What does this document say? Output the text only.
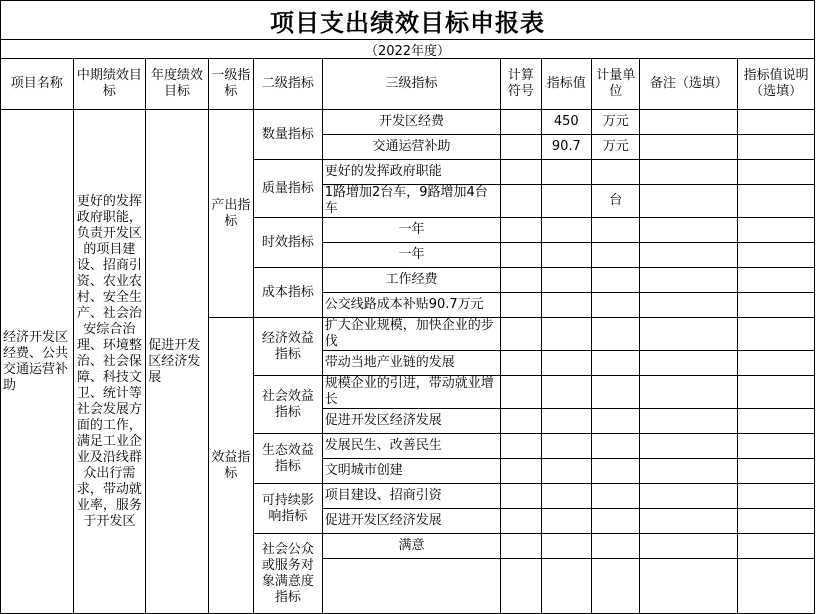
项目支出绩效目标申报表
（2022年度）
项目名称	中期绩效目标	年度绩效目标	一级指标	二级指标	三级指标	计算符号	指标值	计量单位	备注（选填）	指标值说明（选填）
经济开发区经费、公共交通运营补助	更好的发挥政府职能，负责开发区的项目建设、招商引资、农业农村、安全生产、社会治安综合治理、环境整治、社会保障、科技文卫、统计等社会发展方面的工作，满足工业企业及沿线群众出行需求，带动就业率，服务于开发区	促进开发区经济发展	产出指标	数量指标	开发区经费		450	万元		
					交通运营补助		90.7	万元		
				质量指标	更好的发挥政府职能					
					1路增加2台车，9路增加4台车			台		
				时效指标	一年					
					一年					
				成本指标	工作经费					
					公交线路成本补贴90.7万元					
			效益指标	经济效益指标	扩大企业规模，加快企业的步伐					
					带动当地产业链的发展					
				社会效益指标	规模企业的引进，带动就业增长					
					促进开发区经济发展					
				生态效益指标	发展民生、改善民生					
					文明城市创建					
				可持续影响指标	项目建设、招商引资					
					促进开发区经济发展					
				社会公众或服务对象满意度指标	满意					
